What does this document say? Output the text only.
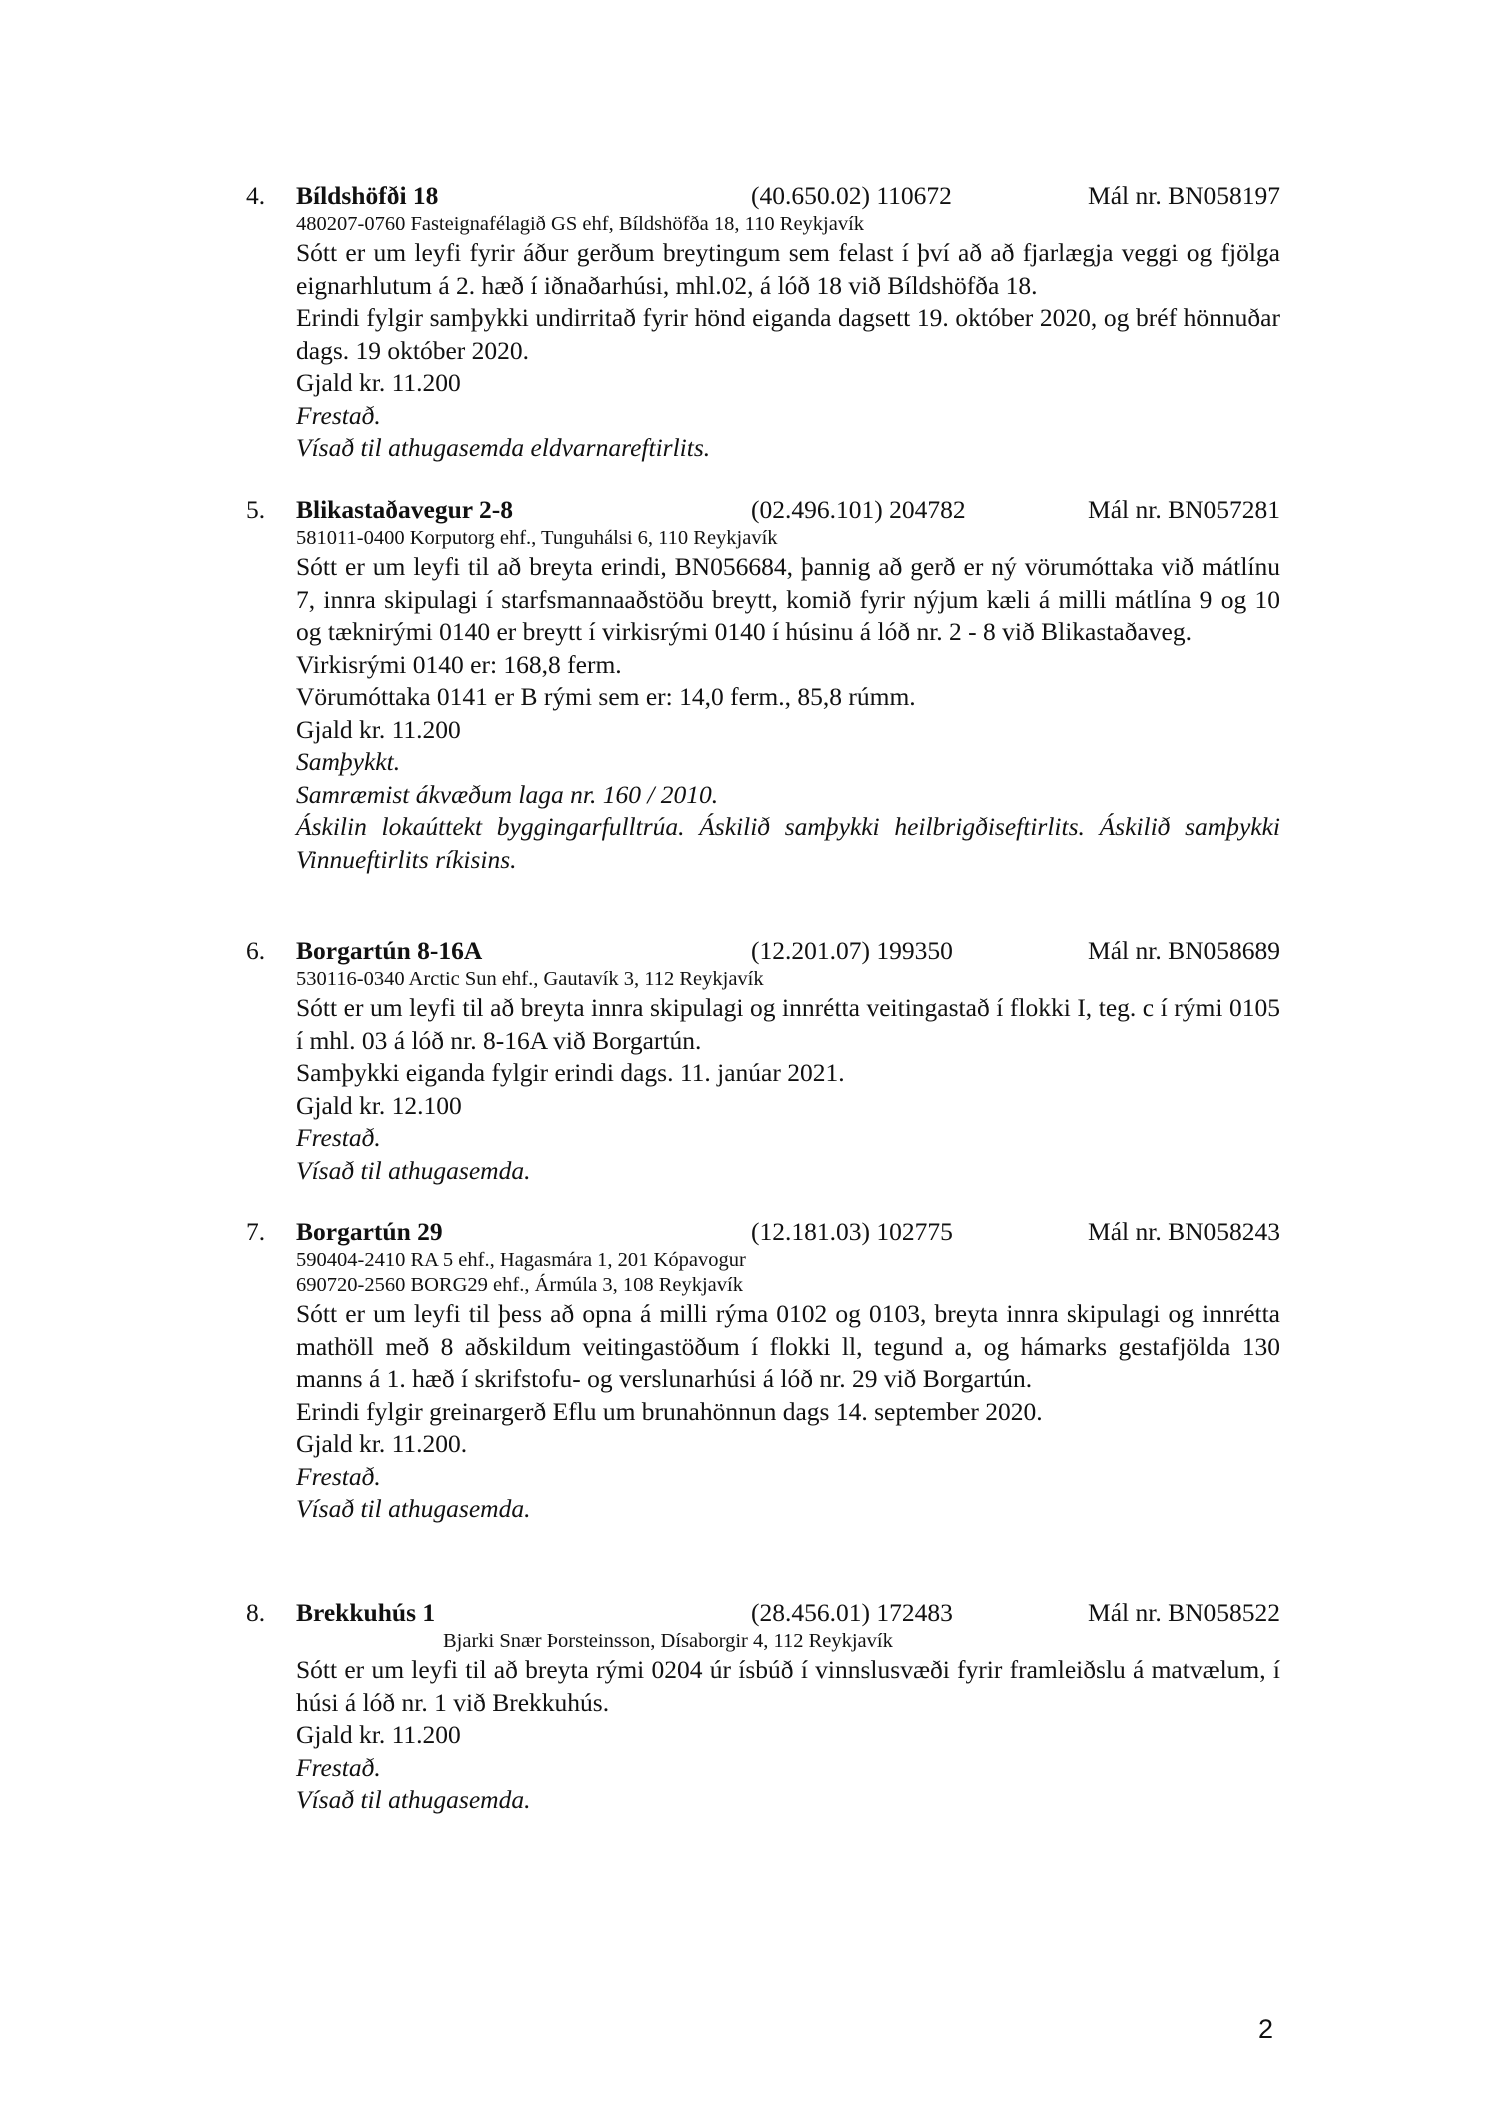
4. Bíldshöfði 18	(40.650.02) 110672	Mál nr. BN058197
480207-0760 Fasteignafélagið GS ehf, Bíldshöfða 18, 110 Reykjavík
Sótt er um leyfi fyrir áður gerðum breytingum sem felast í því að að fjarlægja veggi og fjölga eignarhlutum á 2. hæð í iðnaðarhúsi, mhl.02, á lóð 18 við Bíldshöfða 18.
Erindi fylgir samþykki undirritað fyrir hönd eiganda dagsett 19. október 2020, og bréf hönnuðar dags. 19 október 2020.
Gjald kr. 11.200
Frestað.
Vísað til athugasemda eldvarnareftirlits.
5. Blikastaðavegur 2-8	(02.496.101) 204782	Mál nr. BN057281
581011-0400 Korputorg ehf., Tunguhálsi 6, 110 Reykjavík
Sótt er um leyfi til að breyta erindi, BN056684, þannig að gerð er ný vörumóttaka við mátlínu 7, innra skipulagi í starfsmannaaðstöðu breytt, komið fyrir nýjum kæli á milli mátlína 9 og 10 og tæknirými 0140 er breytt í virkisrými 0140 í húsinu á lóð nr. 2 - 8 við Blikastaðaveg.
Virkisrými 0140 er: 168,8 ferm.
Vörumóttaka 0141 er B rými sem er: 14,0 ferm., 85,8 rúmm.
Gjald kr. 11.200
Samþykkt.
Samræmist ákvæðum laga nr. 160 / 2010.
Áskilin lokaúttekt byggingarfulltrúa. Áskilið samþykki heilbrigðiseftirlits. Áskilið samþykki Vinnueftirlits ríkisins.
6. Borgartún 8-16A	(12.201.07) 199350	Mál nr. BN058689
530116-0340 Arctic Sun ehf., Gautavík 3, 112 Reykjavík
Sótt er um leyfi til að breyta innra skipulagi og innrétta veitingastað í flokki I, teg. c í rými 0105 í mhl. 03 á lóð nr. 8-16A við Borgartún.
Samþykki eiganda fylgir erindi dags. 11. janúar 2021.
Gjald kr. 12.100
Frestað.
Vísað til athugasemda.
7. Borgartún 29	(12.181.03) 102775	Mál nr. BN058243
590404-2410 RA 5 ehf., Hagasmára 1, 201 Kópavogur
690720-2560 BORG29 ehf., Ármúla 3, 108 Reykjavík
Sótt er um leyfi til þess að opna á milli rýma 0102 og 0103, breyta innra skipulagi og innrétta mathöll með 8 aðskildum veitingastöðum í flokki ll, tegund a, og hámarks gestafjölda 130 manns á 1. hæð í skrifstofu- og verslunarhúsi á lóð nr. 29 við Borgartún.
Erindi fylgir greinargerð Eflu um brunahönnun dags 14. september 2020.
Gjald kr. 11.200.
Frestað.
Vísað til athugasemda.
8. Brekkuhús 1	(28.456.01) 172483	Mál nr. BN058522
Bjarki Snær Þorsteinsson, Dísaborgir 4, 112 Reykjavík
Sótt er um leyfi til að breyta rými 0204 úr ísbúð í vinnslusvæði fyrir framleiðslu á matvælum, í húsi á lóð nr. 1 við Brekkuhús.
Gjald kr. 11.200
Frestað.
Vísað til athugasemda.
2
